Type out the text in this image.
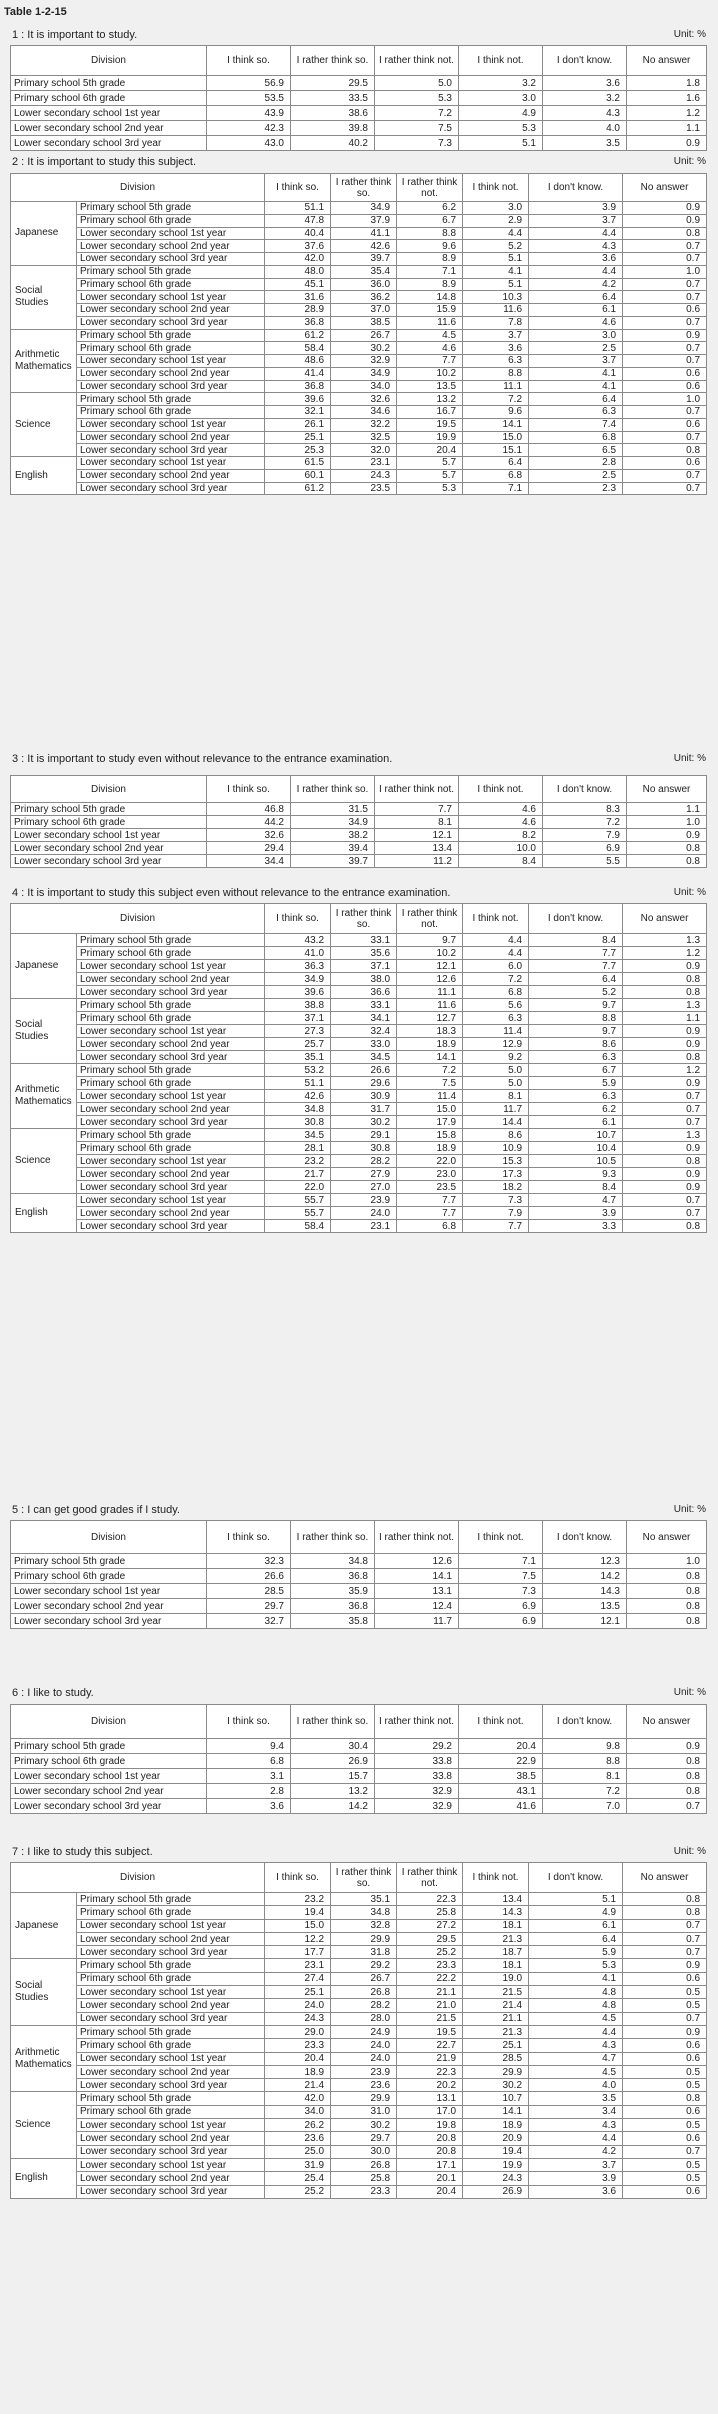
Table 1-2-15
1 : It is important to study.	Unit: %
Division	I think so.	I rather think so.	I rather think not.	I think not.	I don't know.	No answer
Primary school 5th grade	56.9	29.5	5.0	3.2	3.6	1.8
Primary school 6th grade	53.5	33.5	5.3	3.0	3.2	1.6
Lower secondary school 1st year	43.9	38.6	7.2	4.9	4.3	1.2
Lower secondary school 2nd year	42.3	39.8	7.5	5.3	4.0	1.1
Lower secondary school 3rd year	43.0	40.2	7.3	5.1	3.5	0.9
2 : It is important to study this subject.	Unit: %
Division		I think so.	I rather think so.	I rather think not.	I think not.	I don't know.	No answer
Japanese	Primary school 5th grade	51.1	34.9	6.2	3.0	3.9	0.9
	Primary school 6th grade	47.8	37.9	6.7	2.9	3.7	0.9
	Lower secondary school 1st year	40.4	41.1	8.8	4.4	4.4	0.8
	Lower secondary school 2nd year	37.6	42.6	9.6	5.2	4.3	0.7
	Lower secondary school 3rd year	42.0	39.7	8.9	5.1	3.6	0.7
Social Studies	Primary school 5th grade	48.0	35.4	7.1	4.1	4.4	1.0
	Primary school 6th grade	45.1	36.0	8.9	5.1	4.2	0.7
	Lower secondary school 1st year	31.6	36.2	14.8	10.3	6.4	0.7
	Lower secondary school 2nd year	28.9	37.0	15.9	11.6	6.1	0.6
	Lower secondary school 3rd year	36.8	38.5	11.6	7.8	4.6	0.7
Arithmetic Mathematics	Primary school 5th grade	61.2	26.7	4.5	3.7	3.0	0.9
	Primary school 6th grade	58.4	30.2	4.6	3.6	2.5	0.7
	Lower secondary school 1st year	48.6	32.9	7.7	6.3	3.7	0.7
	Lower secondary school 2nd year	41.4	34.9	10.2	8.8	4.1	0.6
	Lower secondary school 3rd year	36.8	34.0	13.5	11.1	4.1	0.6
Science	Primary school 5th grade	39.6	32.6	13.2	7.2	6.4	1.0
	Primary school 6th grade	32.1	34.6	16.7	9.6	6.3	0.7
	Lower secondary school 1st year	26.1	32.2	19.5	14.1	7.4	0.6
	Lower secondary school 2nd year	25.1	32.5	19.9	15.0	6.8	0.7
	Lower secondary school 3rd year	25.3	32.0	20.4	15.1	6.5	0.8
English	Lower secondary school 1st year	61.5	23.1	5.7	6.4	2.8	0.6
	Lower secondary school 2nd year	60.1	24.3	5.7	6.8	2.5	0.7
	Lower secondary school 3rd year	61.2	23.5	5.3	7.1	2.3	0.7
3 : It is important to study even without relevance to the entrance examination.	Unit: %
Division	I think so.	I rather think so.	I rather think not.	I think not.	I don't know.	No answer
Primary school 5th grade	46.8	31.5	7.7	4.6	8.3	1.1
Primary school 6th grade	44.2	34.9	8.1	4.6	7.2	1.0
Lower secondary school 1st year	32.6	38.2	12.1	8.2	7.9	0.9
Lower secondary school 2nd year	29.4	39.4	13.4	10.0	6.9	0.8
Lower secondary school 3rd year	34.4	39.7	11.2	8.4	5.5	0.8
4 : It is important to study this subject even without relevance to the entrance examination.	Unit: %
Division		I think so.	I rather think so.	I rather think not.	I think not.	I don't know.	No answer
Japanese	Primary school 5th grade	43.2	33.1	9.7	4.4	8.4	1.3
	Primary school 6th grade	41.0	35.6	10.2	4.4	7.7	1.2
	Lower secondary school 1st year	36.3	37.1	12.1	6.0	7.7	0.9
	Lower secondary school 2nd year	34.9	38.0	12.6	7.2	6.4	0.8
	Lower secondary school 3rd year	39.6	36.6	11.1	6.8	5.2	0.8
Social Studies	Primary school 5th grade	38.8	33.1	11.6	5.6	9.7	1.3
	Primary school 6th grade	37.1	34.1	12.7	6.3	8.8	1.1
	Lower secondary school 1st year	27.3	32.4	18.3	11.4	9.7	0.9
	Lower secondary school 2nd year	25.7	33.0	18.9	12.9	8.6	0.9
	Lower secondary school 3rd year	35.1	34.5	14.1	9.2	6.3	0.8
Arithmetic Mathematics	Primary school 5th grade	53.2	26.6	7.2	5.0	6.7	1.2
	Primary school 6th grade	51.1	29.6	7.5	5.0	5.9	0.9
	Lower secondary school 1st year	42.6	30.9	11.4	8.1	6.3	0.7
	Lower secondary school 2nd year	34.8	31.7	15.0	11.7	6.2	0.7
	Lower secondary school 3rd year	30.8	30.2	17.9	14.4	6.1	0.7
Science	Primary school 5th grade	34.5	29.1	15.8	8.6	10.7	1.3
	Primary school 6th grade	28.1	30.8	18.9	10.9	10.4	0.9
	Lower secondary school 1st year	23.2	28.2	22.0	15.3	10.5	0.8
	Lower secondary school 2nd year	21.7	27.9	23.0	17.3	9.3	0.9
	Lower secondary school 3rd year	22.0	27.0	23.5	18.2	8.4	0.9
English	Lower secondary school 1st year	55.7	23.9	7.7	7.3	4.7	0.7
	Lower secondary school 2nd year	55.7	24.0	7.7	7.9	3.9	0.7
	Lower secondary school 3rd year	58.4	23.1	6.8	7.7	3.3	0.8
5 : I can get good grades if I study.	Unit: %
Division	I think so.	I rather think so.	I rather think not.	I think not.	I don't know.	No answer
Primary school 5th grade	32.3	34.8	12.6	7.1	12.3	1.0
Primary school 6th grade	26.6	36.8	14.1	7.5	14.2	0.8
Lower secondary school 1st year	28.5	35.9	13.1	7.3	14.3	0.8
Lower secondary school 2nd year	29.7	36.8	12.4	6.9	13.5	0.8
Lower secondary school 3rd year	32.7	35.8	11.7	6.9	12.1	0.8
6 : I like to study.	Unit: %
Division	I think so.	I rather think so.	I rather think not.	I think not.	I don't know.	No answer
Primary school 5th grade	9.4	30.4	29.2	20.4	9.8	0.9
Primary school 6th grade	6.8	26.9	33.8	22.9	8.8	0.8
Lower secondary school 1st year	3.1	15.7	33.8	38.5	8.1	0.8
Lower secondary school 2nd year	2.8	13.2	32.9	43.1	7.2	0.8
Lower secondary school 3rd year	3.6	14.2	32.9	41.6	7.0	0.7
7 : I like to study this subject.	Unit: %
Division		I think so.	I rather think so.	I rather think not.	I think not.	I don't know.	No answer
Japanese	Primary school 5th grade	23.2	35.1	22.3	13.4	5.1	0.8
	Primary school 6th grade	19.4	34.8	25.8	14.3	4.9	0.8
	Lower secondary school 1st year	15.0	32.8	27.2	18.1	6.1	0.7
	Lower secondary school 2nd year	12.2	29.9	29.5	21.3	6.4	0.7
	Lower secondary school 3rd year	17.7	31.8	25.2	18.7	5.9	0.7
Social Studies	Primary school 5th grade	23.1	29.2	23.3	18.1	5.3	0.9
	Primary school 6th grade	27.4	26.7	22.2	19.0	4.1	0.6
	Lower secondary school 1st year	25.1	26.8	21.1	21.5	4.8	0.5
	Lower secondary school 2nd year	24.0	28.2	21.0	21.4	4.8	0.5
	Lower secondary school 3rd year	24.3	28.0	21.5	21.1	4.5	0.7
Arithmetic Mathematics	Primary school 5th grade	29.0	24.9	19.5	21.3	4.4	0.9
	Primary school 6th grade	23.3	24.0	22.7	25.1	4.3	0.6
	Lower secondary school 1st year	20.4	24.0	21.9	28.5	4.7	0.6
	Lower secondary school 2nd year	18.9	23.9	22.3	29.9	4.5	0.5
	Lower secondary school 3rd year	21.4	23.6	20.2	30.2	4.0	0.5
Science	Primary school 5th grade	42.0	29.9	13.1	10.7	3.5	0.8
	Primary school 6th grade	34.0	31.0	17.0	14.1	3.4	0.6
	Lower secondary school 1st year	26.2	30.2	19.8	18.9	4.3	0.5
	Lower secondary school 2nd year	23.6	29.7	20.8	20.9	4.4	0.6
	Lower secondary school 3rd year	25.0	30.0	20.8	19.4	4.2	0.7
English	Lower secondary school 1st year	31.9	26.8	17.1	19.9	3.7	0.5
	Lower secondary school 2nd year	25.4	25.8	20.1	24.3	3.9	0.5
	Lower secondary school 3rd year	25.2	23.3	20.4	26.9	3.6	0.6
